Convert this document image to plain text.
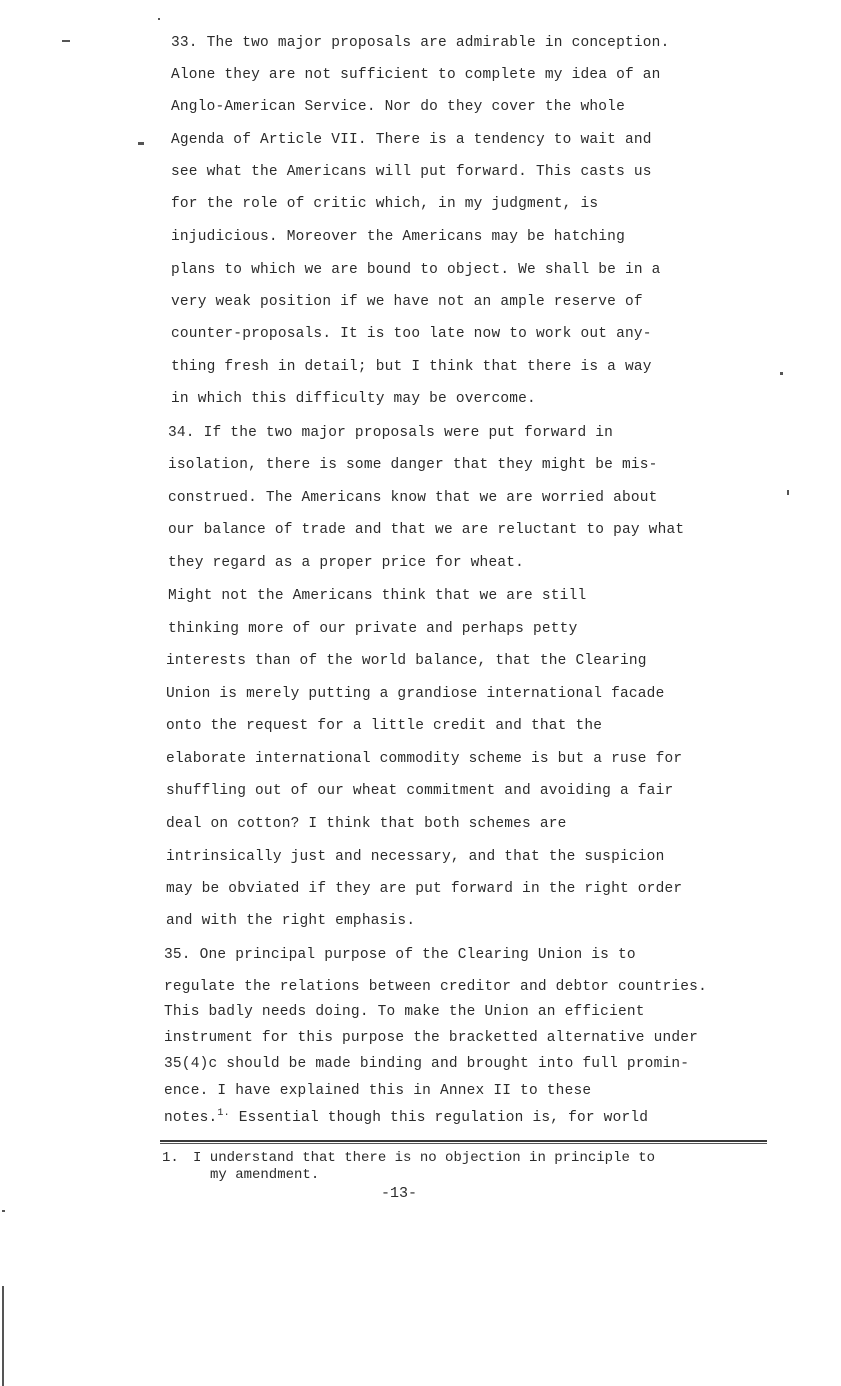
33. The two major proposals are admirable in conception.
Alone they are not sufficient to complete my idea of an
Anglo-American Service. Nor do they cover the whole
Agenda of Article VII. There is a tendency to wait and
see what the Americans will put forward. This casts us
for the role of critic which, in my judgment, is
injudicious. Moreover the Americans may be hatching
plans to which we are bound to object. We shall be in a
very weak position if we have not an ample reserve of
counter-proposals. It is too late now to work out any-
thing fresh in detail; but I think that there is a way
in which this difficulty may be overcome.
34. If the two major proposals were put forward in
isolation, there is some danger that they might be mis-
construed. The Americans know that we are worried about
our balance of trade and that we are reluctant to pay what
they regard as a proper price for wheat.
Might not the Americans think that we are still
thinking more of our private and perhaps petty
interests than of the world balance, that the Clearing
Union is merely putting a grandiose international facade
onto the request for a little credit and that the
elaborate international commodity scheme is but a ruse for
shuffling out of our wheat commitment and avoiding a fair
deal on cotton? I think that both schemes are
intrinsically just and necessary, and that the suspicion
may be obviated if they are put forward in the right order
and with the right emphasis.
35. One principal purpose of the Clearing Union is to
regulate the relations between creditor and debtor countries.
This badly needs doing. To make the Union an efficient
instrument for this purpose the bracketted alternative under
35(4)c should be made binding and brought into full promin-
ence. I have explained this in Annex II to these
notes.$^{1.}$ Essential though this regulation is, for world
1. I understand that there is no objection in principle to
my amendment.
-13-
